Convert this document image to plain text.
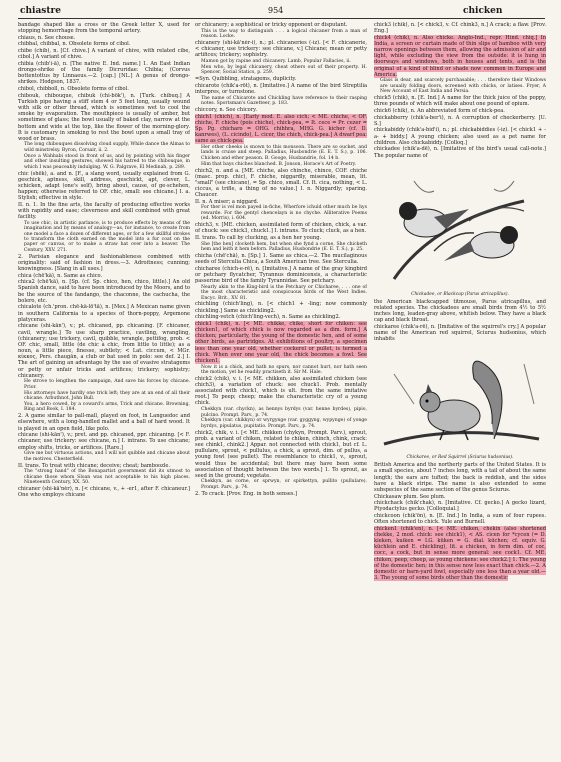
chiastre	954	chicken

bandage shaped like a cross or the Greek letter X, used for stopping hemorrhage from the temporal artery.

chiaus, n. See chouse.

chibbal, chibbal, n. Obsolete forms of cibol.

chibe (chib), n. [Cf. chive.] A variant of chive, with related cibe, cibol.] A variant of chive.

chibia (chib'i-ä), n. [The native E. Ind. name.] 1. An East Indian drongo-shrike of the family Dicruridae: Chibia; (Corvus bottentottus by Linnaeus.—2. [cap.] [NL.] A genus of drongo-shrikes. Hodgson, 1837.

chibol, chibboll, n. Obsolete forms of cibol.

chibouk, chibouque, chibuk (chi-bök'), n. [Turk. chibuq.] A Turkish pipe having a stiff stem 4 or 5 feet long, usually wound with silk or other thread, which is sometimes wet to cool the smoke by evaporation. The mouthpiece is usually of amber, but sometimes of glass; the bowl usually of baked clay, narrow at the bottom and wide at the top, like the flower of the morning-glory. It is customary in smoking to rest the bowl upon a small tray of wood or brass.

The long chibouques dissolving cloud supply, While dance the Almas to wild minstrelsy. Byron, Corsair, ii. 2.

Once a Wahhabi stood in front of us, and by pointing with his finger and other insulting gestures, showed his hatred to the chibouque, in which I was peaceably indulging. W. G. Palgrave, El Medinah, p. 289.

chic (shēk), a. and n. [F., a slang word, usually explained from G. geschick, aptness, skill, address, geschickt, apt, clever, L. schicken, adapt (one's self), bring about, cause, of ge-schehen, happen; otherwise referred to OF. chic, small: see chicane.] I. a. Stylish; effective in style.

II. n. 1. In the fine arts, the faculty of producing effective works with rapidity and ease; cleverness and skill combined with great facility.

To use chic, in artistic parlance, is to produce effects by means of the imagination and by means of analogy—as, for instance, to create from one model a face a dozen of different ages, or for a few skillful strokes to transform the cloth earned on the model into a fur coat on the paper or canvas, or to make a straw hat over into a beaver. The Century, XXV. 271.

2. Parisian elegance and fashionableness combined with originality: said of fashion in dress.—3. Adroitness; cunning; knowingness. [Slang in all uses.]

chica (chē'kä), n. Same as chico.

chica2 (chē'kä), n. [Sp. (cf. Sp. chico, hen, chico, little).] An old Spanish dance, said to have been introduced by the Moors, and to be the source of the fandango, the chaconne, the cachucha, the bolero, etc.

chicalote (ch.'pron. chē-kä-lō'tā), n. [Mex.] A Mexican name given in southern California to a species of thorn-poppy, Argemone platyceras.

chicane (shi-kān'), v.; pt. chicaned, pp. chicaning. [F. chicaner, cavil, wrangle.] To use sharp practice, caviling, wrangling, (chicanery; use trickery, cavil, quibble, wrangle, pettifog, prob. < OF. chic, small, little (de chic à chic, from little to little); as a noun, a little piece, finesse, subtlety; < Lat. ciccum, < MGr. κίκκος, Pers. chaugān, a club or bat used in polo: see def. 2.] I. The art of gaining an advantage by the use of evasive stratagems or petty or unfair tricks and artifices; trickery; sophistry; chicanery.

He strove to lengthen the campaign, And save his forces by chicane. Prior.

His attorneys have hardly one trick left; they are at an end of all their chicane. Arbuthnot, John Bull.

You, a hero cowed, by a coward's arms, Trick and chicane. Browning, Ring and Book, I. 184.

2. A game similar to pall-mall, played on foot, in Languedoc and elsewhere, with a long-handled mallet and a ball of hard wood. It is played in an open field, like polo.

chicane (shi-kān'), v.; pret. and pp. chicaned, ppr. chicaning. [< F. chicaner, use trickery: see chicane, n.] I. intrans. To use chicane; employ shifts, tricks, or artifices. [Rare.]

Give me but virtuous actions, and I will not quibble and chicane about the motives. Chesterfield.

II. trans. To treat with chicane; deceive; cheat; bamboozle.

The "strong hand" of the Bonapartist government did its utmost to chicane those whom Sloan was not acceptable to his high places. Nineteenth Century, XX. 50.

chicaner (shi-kā'nėr), n. [< chicane, v., + -er1, after F. chicaneur.] One who employs chicane

or chicanery; a sophistical or tricky opponent or disputant.

This is the way to distinguish . . . a logical chicaner from a man of reason. Locke.

chicanery (shi-kā'nėr-i), n.; pl. chicaneries (-iz). [< F. chicanerie, < chicaner, use trickery: see chicane, v.] Chicane; mean or petty artifices; trickery; sophistry.

Mamon got by rapine and chicanery. Lamb, Popular Fallacies, ii.

Men who, by legal chicanery, cheat others out of their property. H. Spencer, Social Statics, p. 259.

=Syn. Quibbling, stratagems, duplicity.

chicarote (chik'a-rōt), n. [Imitative.] A name of the bird Streptilia interpres, or turnstone.

The name of Chicarote and Chickling have reference to their rasping notes. Sportsman's Gazetteer, p. 183.

chiccory, n. See chicory.

chich1 (chich), n. [Early mod. E. also cich; < ME. chiche, < OF. chiche, F. chiche (pois chiche), chick-pea, = It. cece = Pr. cezer = Sp. Pg. chicharo = OHG. chihhra, MHG. G. kicher (cf. D. kanrwes), (L. cicindo), L. cicer, the chich, chick-pea.] A dwarf pea: same as chick-pea.

Her other cheeks is snown to this monsoon. There are so oucket, and lands is cruise and steep. Palladius, Husbondrie (E. E. T. S.), p. 106. Chicken and ether peason. B. Googe, Husbandrie, fol. 14 b.

Him that bays chiches blanched. B. Jonson, Horace's Art of Poetry.

chich2, n. and a. [ME. chiche, also chinche, chince, COF. chiche (masc. prop. chic), F. chiche, niggardly, miserable, mean, lit. "small" (see chicane), = Sp. chico, small. Cf. It. cica, nothing, < L. ciccus, a trifle, a thing of no value.] I. n. Niggardly; sparing. Chaucer.

II. n. A miser; a niggard.

For ther is vel mon payed in-fiche, Wherfore ichuld other much be hys rewarde. For the gentyl chencelayn is no chyche. Alliterative Poems (ed. Morris), i. 604.

chich3, v. [ME. chicken, assimilated form of chicken, chick, a var. of chuck: see chick3, chuck1.] I. intrans. To cluck; cluck, as a hen.

II. trans. To call by clucking, as a hen her young.

She [the hen] clocketh hem, but when she fynd a corne, She chicketh hem and leith it hem beforn. Palladius, Husbondrie (E. E. T. S.), p. 25.

chicha (chē'chä), n. [Sp.] 1. Same as chica.—2. The mucilaginous seeds of Sterculia Chica, a South American tree. See Sterculia.

chicharee (chich-e-rē), n. [Imitative.] A name of the gray kingbird or petchary flycatcher, Tyrannus dominicensis, a characteristic passerine bird of the family Tyrannidae. See petchary.

Nearly akin to the King-bird is the Petchary or Chicharee, . . . one of the most characteristic and conspicuous birds of the West Indies. Encyc. Brit., XV. 81.

chichling (chich'ling), n. [< chich1 + -ling; now commonly chickling.] Same as chickling2.

chichling-vetch (chich'ling-vech), n. Same as chickling2.

chick1 (chik), n. [< ME. chikke, chike, short for chiken: see chicken1, of which chick is now regarded as a dim. form.] A chicken; particularly, the young of the domestic hen, and of some other birds, as partridges. At exhibitions of poultry, a specimen less than one year old, whether cockerel or pullet, is termed a chick. When over one year old, the chick becomes a fowl. See chicken1.

Now it is a chick, and hath no spurs, nor cannot hurt, nor hath seen the motion, yet he readily practiseth it. Sir M. Hale.

chick2 (chik), v. i. [< ME. chikken, also assimilated chicken (see chich3), a variation of chuck: see chuck1. Prob. mentally associated with chick1, which is ult. from the same imitative root.] To peep; cheep; make the characteristic cry of a young chick.

Chekkyn (var. chyckn), as hennys byrdys (var. henne byrdes), pipio, pulcino. Prompt. Parv., p. 74.

Chekkyn (var. chikkyn) or wyrgynge (var. gyggyng, wypynge) of yonge byrdys, pipulatus, pupitatio. Prompt. Parv., p. 74.

chick2, chik, v. i. [< ME. chikken (chykyn, Prompt. Parv.), sprout, prob. a variant of chiken, related to chiken, chinch, chink, crack: see chink1, chink2.] Appar. not connected with chick1, but cf. L. pullulare, sprout, < pullulus, a chick, a sprout, dim. of pullus, a young fowl (see pullet). The resemblance to chick1, v., sprout, would thus be accidental; but there may have been some association of thought between the two words.] 1. To sprout, as seed in the ground; vegetate.

Chekkyn, as corne, or sprwyn, or spirkettyn, pullito (pullulare). Prompt. Parv., p. 74.

2. To crack. [Prov. Eng. in both senses.]

chick3 (chik), n. [< chick3, v. Cf. chink3, n.] A crack; a flaw. [Prov. Eng.]

chick4 (chik), n. Also chicke. Anglo-Ind., repr. Hind. chiq.] In India, a screen or curtain made of thin slips of bamboo with very narrow openings between them, allowing the admission of air and light, while excluding the view from the outside: it is hung in doorways and windows, both in houses and tents, and is the original of a kind of blind or shade now common in Europe and America.

Glass is dear, and scarcely purchasable; . . . therefore their Windows are usually folding doors, screened with chicks, or latises. Fryer, A New Account of East India and Persia.

chick5 (chik), n. [E. Ind.] A name for the thick juice of the poppy, three pounds of which will make about one pound of opium.

chick6 (chik), n. An abbreviated form of chick-pea.

chickabberry (chik'a-ber'i), n. A corruption of checkerberry. [U. S.]

chickabiddy (chik'a-bid'i), n.; pl. chickabiddies (-iz). [< chick1 + -a- + biddy.] A young chicken; also used as a pet name for children. Also chickabiddy. [Colloq.]

chickadee (chik'a-dē), n. [Imitative of the bird's usual call-note.] The popular name of

Chickadee, or Blackcap (Parus atricapillus).

the American blackcapped titmouse, Parus atricapillus, and related species. The chickadees are small birds from 4½ to 5½ inches long, leaden-gray above, whitish below. They have a black cap and black throat.

chickaree (chik'a-rē), n. [Imitative of the squirrel's cry.] A popular name of the American red squirrel, Sciurus hudsonius, which inhabits

Chickaree, or Red Squirrel (Sciurus hudsonius).

British America and the northerly parts of the United States. It is a small species, about 7 inches long, with a tail of about the same length; the ears are tufted; the back is reddish, and the sides have a black stripe. The name is also extended to some subspecies of the same section of the genus Sciurus.

Chickasaw plum. See plum.

chickchack (chik'chak), n. [Imitative. Cf. gecko.] A gecko lizard, Ptyodactylus gecko. [Colloquial.]

chickcoon (chik'ön), n. [E. Ind.] In India, a sum of four rupees. Often shortened to chick. Yule and Burnell.

chicken1 (chik'en), n. [< ME. chiken, chekin (also shortened chekke, 2 mod. chick: see chick1), < AS. cicen for *cycen (= D. kieken, kuiken = LG. küken = G. dial. küchen; cf. equiv. G. küchlein and E. chickling), lit. a chicken, in form dim. of coc, cocc, a cock, but in sense more general: see cock1. Cf. ME. chiken, peep, cheep, as young chickens: see chick2.] 1. The young of the domestic hen; in this sense now less exact than chick.—2. A domestic or barn-yard fowl, especially one less than a year old.—3. The young of some birds other than the domestic
